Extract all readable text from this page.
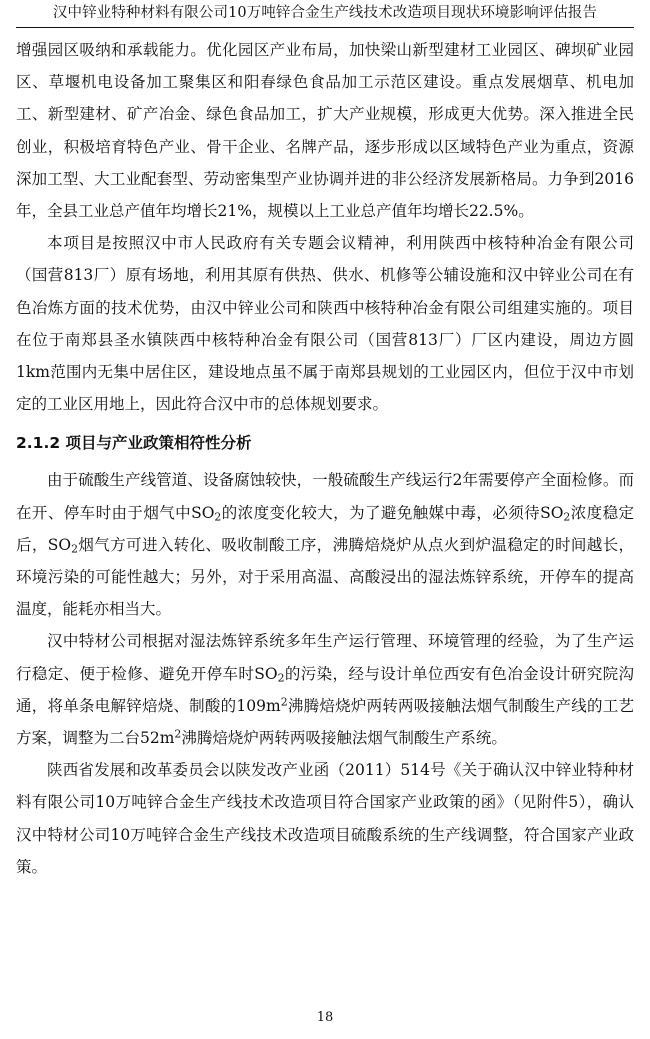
汉中锌业特种材料有限公司10万吨锌合金生产线技术改造项目现状环境影响评估报告

增强园区吸纳和承载能力。优化园区产业布局，加快梁山新型建材工业园区、碑坝矿业园区、草堰机电设备加工聚集区和阳春绿色食品加工示范区建设。重点发展烟草、机电加工、新型建材、矿产冶金、绿色食品加工，扩大产业规模，形成更大优势。深入推进全民创业，积极培育特色产业、骨干企业、名牌产品，逐步形成以区域特色产业为重点，资源深加工型、大工业配套型、劳动密集型产业协调并进的非公经济发展新格局。力争到2016年，全县工业总产值年均增长21%，规模以上工业总产值年均增长22.5%。

本项目是按照汉中市人民政府有关专题会议精神，利用陕西中核特种冶金有限公司（国营813厂）原有场地，利用其原有供热、供水、机修等公辅设施和汉中锌业公司在有色冶炼方面的技术优势，由汉中锌业公司和陕西中核特种冶金有限公司组建实施的。项目在位于南郑县圣水镇陕西中核特种冶金有限公司（国营813厂）厂区内建设，周边方圆1km范围内无集中居住区，建设地点虽不属于南郑县规划的工业园区内，但位于汉中市划定的工业区用地上，因此符合汉中市的总体规划要求。

2.1.2 项目与产业政策相符性分析

由于硫酸生产线管道、设备腐蚀较快，一般硫酸生产线运行2年需要停产全面检修。而在开、停车时由于烟气中$SO_2$的浓度变化较大，为了避免触媒中毒，必须待$SO_2$浓度稳定后，$SO_2$烟气方可进入转化、吸收制酸工序，沸腾焙烧炉从点火到炉温稳定的时间越长，环境污染的可能性越大；另外，对于采用高温、高酸浸出的湿法炼锌系统，开停车的提高温度，能耗亦相当大。

汉中特材公司根据对湿法炼锌系统多年生产运行管理、环境管理的经验，为了生产运行稳定、便于检修、避免开停车时$SO_2$的污染，经与设计单位西安有色冶金设计研究院沟通，将单条电解锌焙烧、制酸的$109m^2$沸腾焙烧炉两转两吸接触法烟气制酸生产线的工艺方案，调整为二台$52m^2$沸腾焙烧炉两转两吸接触法烟气制酸生产系统。

陕西省发展和改革委员会以陕发改产业函（2011）514号《关于确认汉中锌业特种材料有限公司10万吨锌合金生产线技术改造项目符合国家产业政策的函》（见附件5），确认汉中特材公司10万吨锌合金生产线技术改造项目硫酸系统的生产线调整，符合国家产业政策。

18
